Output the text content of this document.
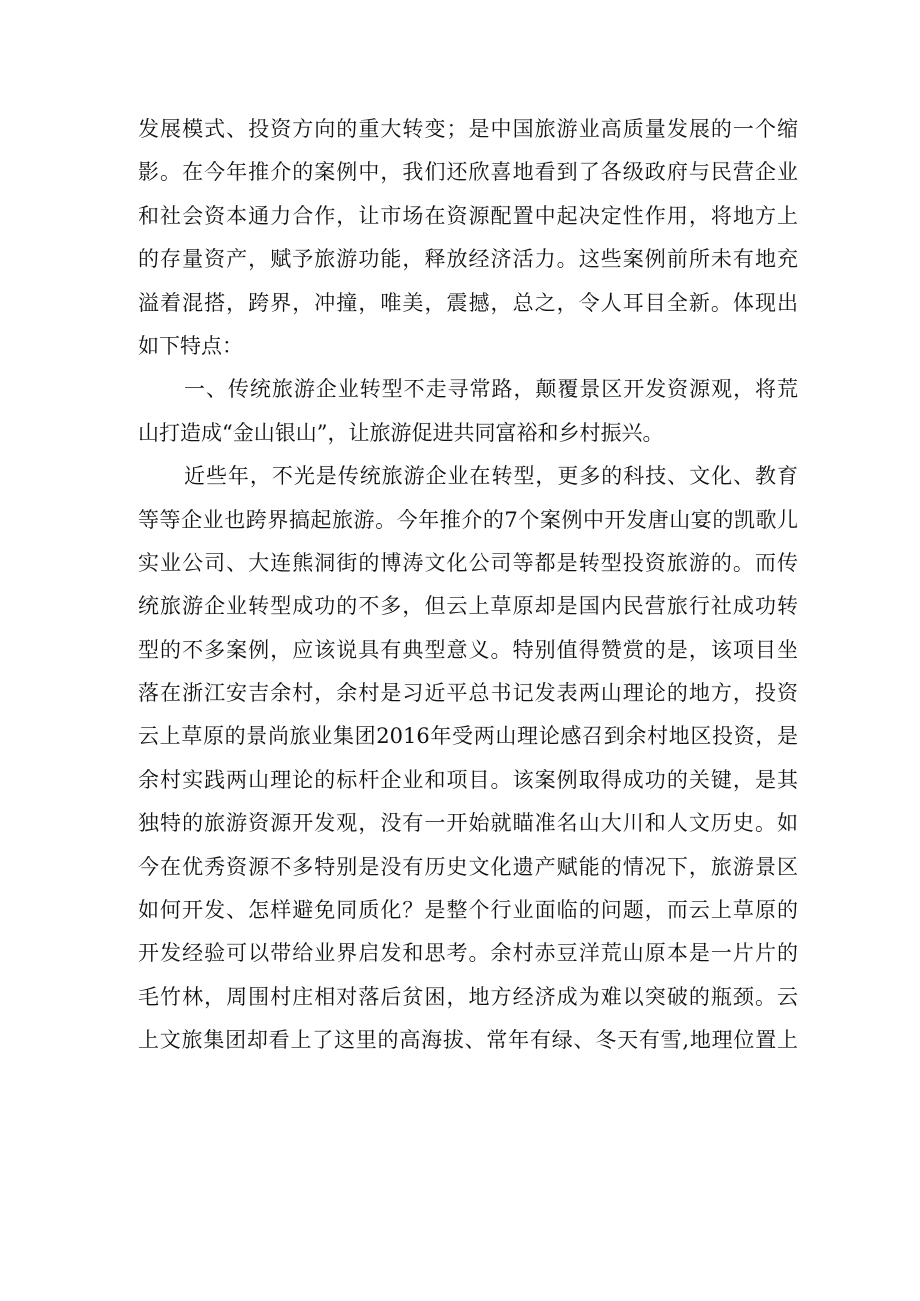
发展模式、投资方向的重大转变；是中国旅游业高质量发展的一个缩
影。在今年推介的案例中，我们还欣喜地看到了各级政府与民营企业
和社会资本通力合作，让市场在资源配置中起决定性作用，将地方上
的存量资产，赋予旅游功能，释放经济活力。这些案例前所未有地充
溢着混搭，跨界，冲撞，唯美，震撼，总之，令人耳目全新。体现出
如下特点：

一、传统旅游企业转型不走寻常路，颠覆景区开发资源观，将荒
山打造成“金山银山”，让旅游促进共同富裕和乡村振兴。

近些年，不光是传统旅游企业在转型，更多的科技、文化、教育
等等企业也跨界搞起旅游。今年推介的7个案例中开发唐山宴的凯歌儿
实业公司、大连熊洞街的博涛文化公司等都是转型投资旅游的。而传
统旅游企业转型成功的不多，但云上草原却是国内民营旅行社成功转
型的不多案例，应该说具有典型意义。特别值得赞赏的是，该项目坐
落在浙江安吉余村，余村是习近平总书记发表两山理论的地方，投资
云上草原的景尚旅业集团2016年受两山理论感召到余村地区投资，是
余村实践两山理论的标杆企业和项目。该案例取得成功的关键，是其
独特的旅游资源开发观，没有一开始就瞄准名山大川和人文历史。如
今在优秀资源不多特别是没有历史文化遗产赋能的情况下，旅游景区
如何开发、怎样避免同质化？是整个行业面临的问题，而云上草原的
开发经验可以带给业界启发和思考。余村赤豆洋荒山原本是一片片的
毛竹林，周围村庄相对落后贫困，地方经济成为难以突破的瓶颈。云
上文旅集团却看上了这里的高海拔、常年有绿、冬天有雪,地理位置上
